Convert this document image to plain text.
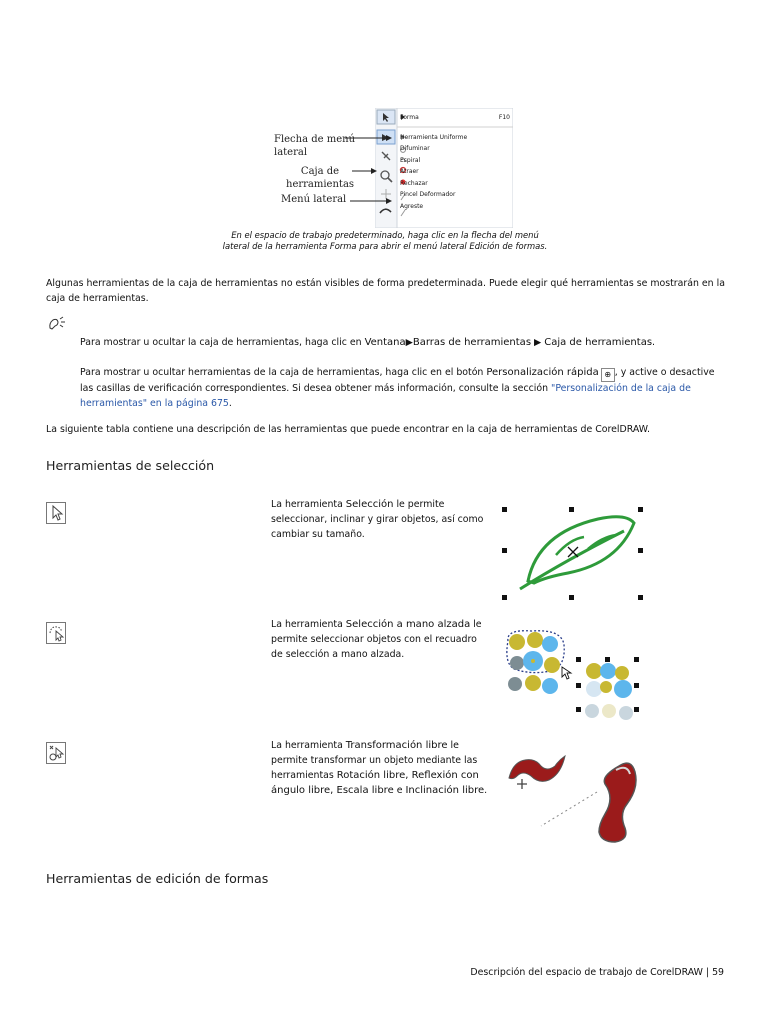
Forma	F10
Herramienta Uniforme
Difuminar
Espiral
Atraer
Rechazar
Pincel Deformador
Agreste
Flecha de menú
lateral
Caja de
herramientas
Menú lateral
En el espacio de trabajo predeterminado, haga clic en la flecha del menú
lateral de la herramienta Forma para abrir el menú lateral Edición de formas.
Algunas herramientas de la caja de herramientas no están visibles de forma predeterminada. Puede elegir qué herramientas se mostrarán en la caja de herramientas.
Para mostrar u ocultar la caja de herramientas, haga clic en Ventana▶Barras de herramientas ▶ Caja de herramientas.
Para mostrar u ocultar herramientas de la caja de herramientas, haga clic en el botón Personalización rápida ⊕ , y active o desactive las casillas de verificación correspondientes. Si desea obtener más información, consulte la sección "Personalización de la caja de herramientas" en la página 675.
La siguiente tabla contiene una descripción de las herramientas que puede encontrar en la caja de herramientas de CorelDRAW.
Herramientas de selección
La herramienta Selección le permite seleccionar, inclinar y girar objetos, así como cambiar su tamaño.
La herramienta Selección a mano alzada le permite seleccionar objetos con el recuadro de selección a mano alzada.
La herramienta Transformación libre le permite transformar un objeto mediante las herramientas Rotación libre, Reflexión con ángulo libre, Escala libre e Inclinación libre.
Herramientas de edición de formas
Descripción del espacio de trabajo de CorelDRAW | 59
